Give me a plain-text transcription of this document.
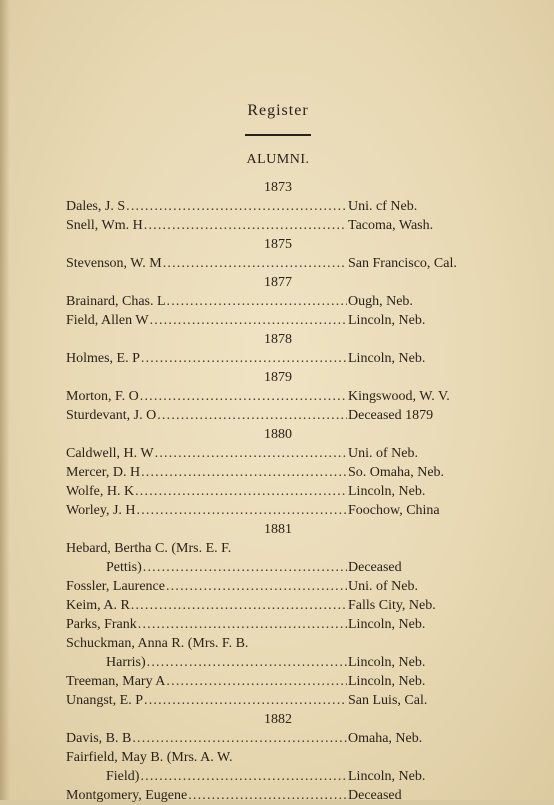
Register
ALUMNI.
1873
Dales, J. S .....	Uni. cf Neb.
Snell, Wm. H .....	Tacoma, Wash.
1875
Stevenson, W. M .....	San Francisco, Cal.
1877
Brainard, Chas. L .....	Ough, Neb.
Field, Allen W .....	Lincoln, Neb.
1878
Holmes, E. P .....	Lincoln, Neb.
1879
Morton, F. O .....	Kingswood, W. V.
Sturdevant, J. O .....	Deceased 1879
1880
Caldwell, H. W .....	Uni. of Neb.
Mercer, D. H .....	So. Omaha, Neb.
Wolfe, H. K .....	Lincoln, Neb.
Worley, J. H .....	Foochow, China
1881
Hebard, Bertha C. (Mrs. E. F.
Pettis) .....	Deceased
Fossler, Laurence .....	Uni. of Neb.
Keim, A. R .....	Falls City, Neb.
Parks, Frank .....	Lincoln, Neb.
Schuckman, Anna R. (Mrs. F. B.
Harris) .....	Lincoln, Neb.
Treeman, Mary A .....	Lincoln, Neb.
Unangst, E. P .....	San Luis, Cal.
1882
Davis, B. B .....	Omaha, Neb.
Fairfield, May B. (Mrs. A. W.
Field) .....	Lincoln, Neb.
Montgomery, Eugene .....	Deceased
